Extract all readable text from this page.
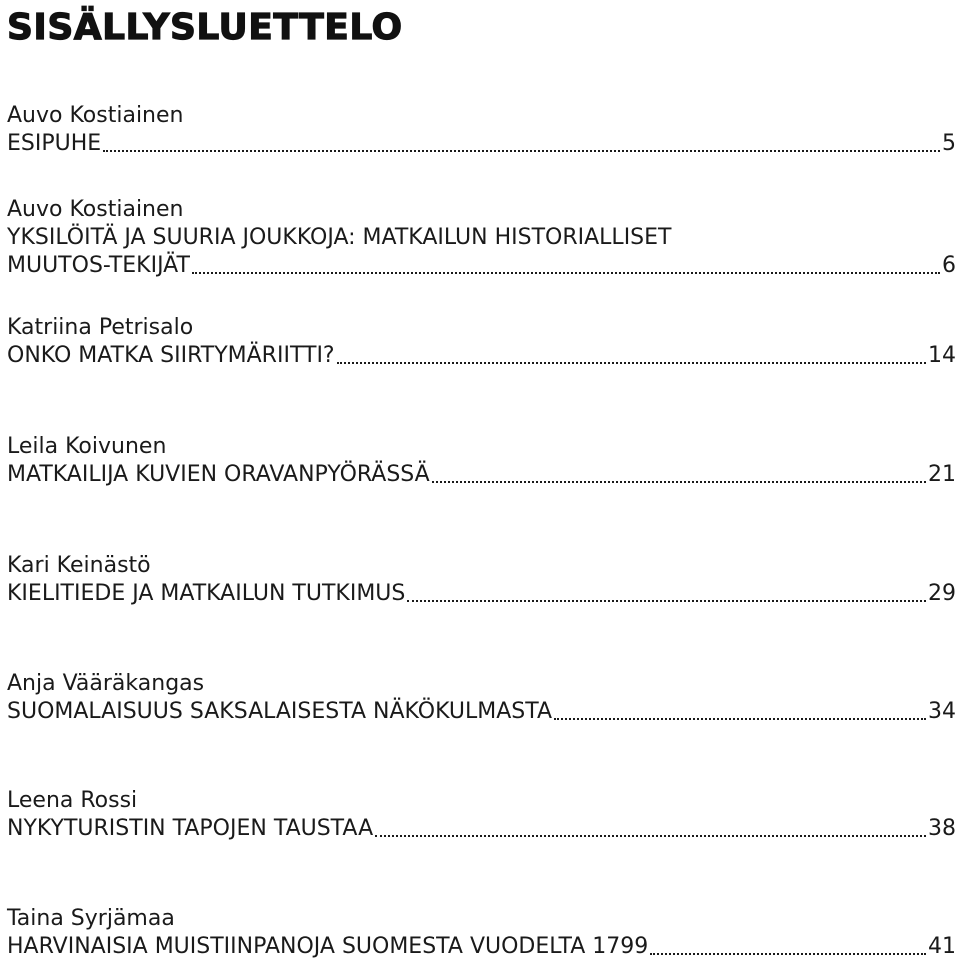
SISÄLLYSLUETTELO
Auvo Kostiainen
ESIPUHE	5
Auvo Kostiainen
YKSILÖITÄ JA SUURIA JOUKKOJA: MATKAILUN HISTORIALLISET
MUUTOS-TEKIJÄT	6
Katriina Petrisalo
ONKO MATKA SIIRTYMÄRIITTI?	14
Leila Koivunen
MATKAILIJA KUVIEN ORAVANPYÖRÄSSÄ	21
Kari Keinästö
KIELITIEDE JA MATKAILUN TUTKIMUS	29
Anja Vääräkangas
SUOMALAISUUS SAKSALAISESTA NÄKÖKULMASTA	34
Leena Rossi
NYKYTURISTIN TAPOJEN TAUSTAA	38
Taina Syrjämaa
HARVINAISIA MUISTIINPANOJA SUOMESTA VUODELTA 1799	41
